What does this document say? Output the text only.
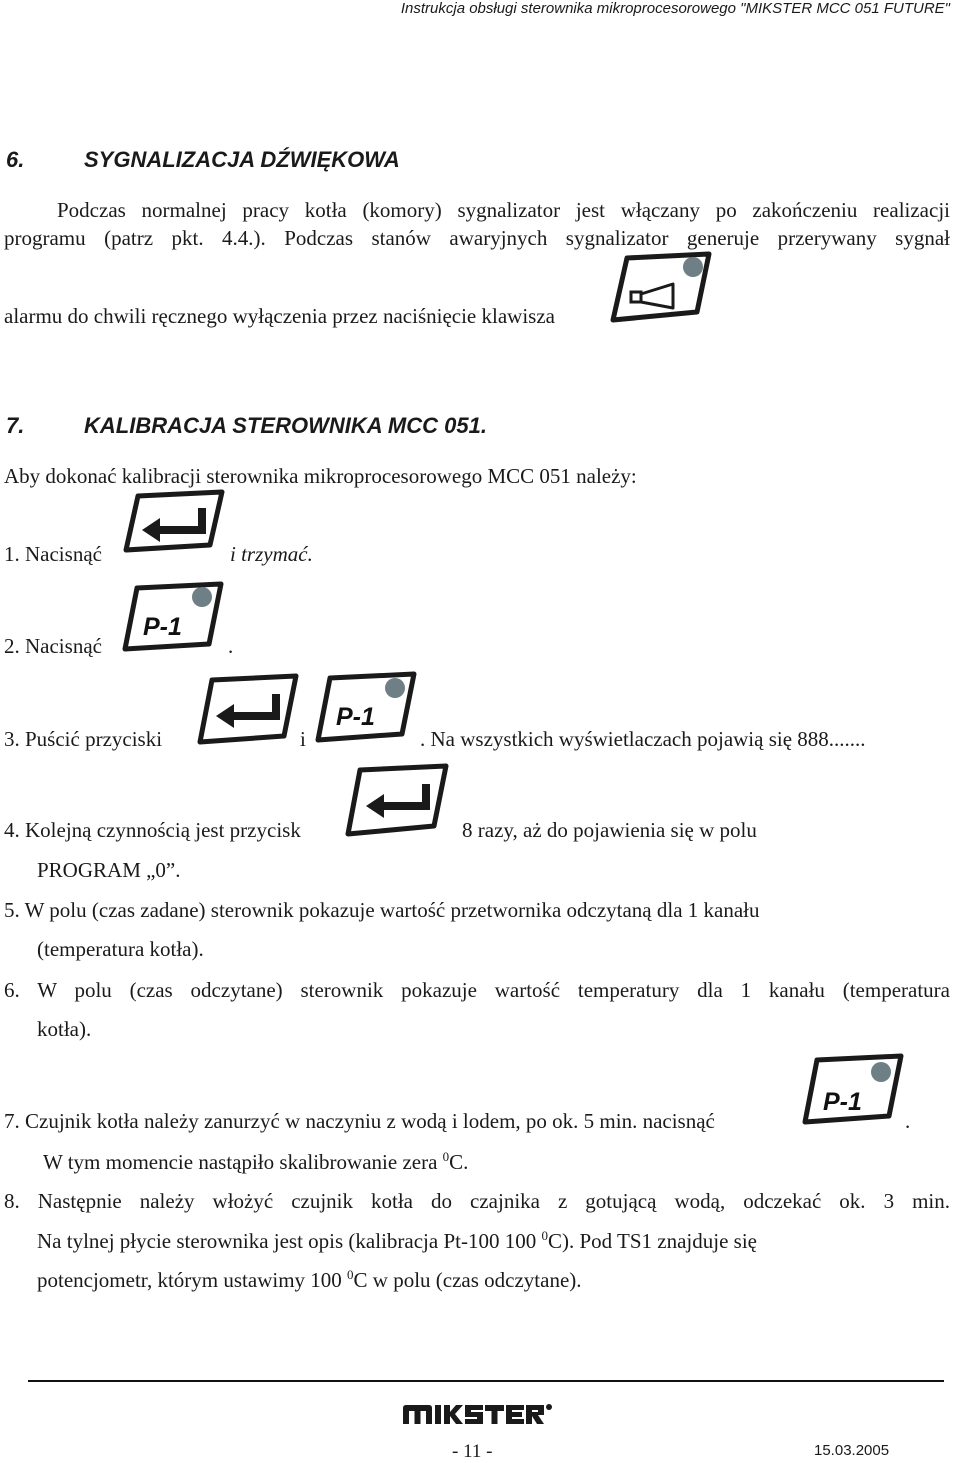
Instrukcja obsługi sterownika mikroprocesorowego "MIKSTER MCC 051 FUTURE"
6.	SYGNALIZACJA DŹWIĘKOWA
Podczas normalnej pracy kotła (komory) sygnalizator jest włączany po zakończeniu realizacji
programu (patrz pkt. 4.4.). Podczas stanów awaryjnych sygnalizator generuje przerywany sygnał
alarmu do chwili ręcznego wyłączenia przez naciśnięcie klawisza
7.	KALIBRACJA STEROWNIKA MCC 051.
Aby dokonać kalibracji sterownika mikroprocesorowego MCC 051 należy:
1. Nacisnąć	i trzymać.
2. Nacisnąć
P-1
.
3. Puścić przyciski	i
P-1
. Na wszystkich wyświetlaczach pojawią się 888.......
4. Kolejną czynnością jest przycisk	8 razy, aż do pojawienia się w polu
PROGRAM „0”.
5. W polu (czas zadane) sterownik pokazuje wartość przetwornika odczytaną dla 1 kanału
(temperatura kotła).
6. W polu (czas odczytane) sterownik pokazuje wartość temperatury dla 1 kanału (temperatura
kotła).
7. Czujnik kotła należy zanurzyć w naczyniu z wodą i lodem, po ok. 5 min. nacisnąć
P-1
.
W tym momencie nastąpiło skalibrowanie zera $^0$C.
8. Następnie należy włożyć czujnik kotła do czajnika z gotującą wodą, odczekać ok. 3 min.
Na tylnej płycie sterownika jest opis (kalibracja Pt-100 100 $^0$C). Pod TS1 znajduje się
potencjometr, którym ustawimy 100 $^0$C w polu (czas odczytane).
MIKSTER
- 11 -	15.03.2005
